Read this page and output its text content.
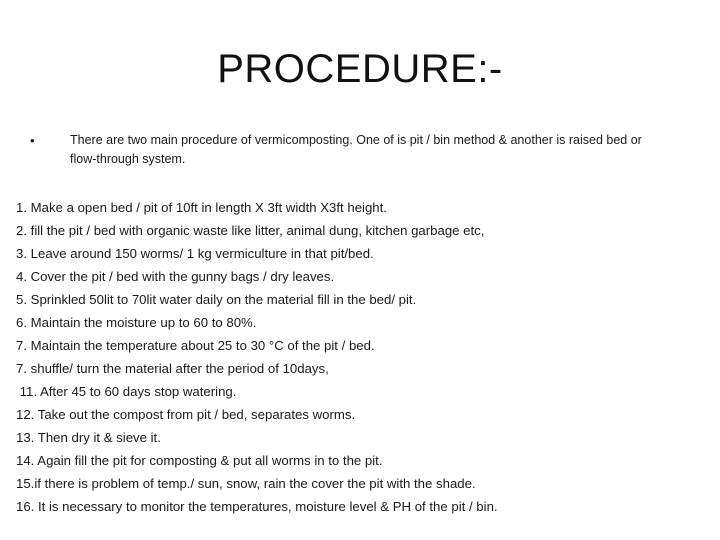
PROCEDURE:-
•	There are two main procedure of vermicomposting. One of is pit / bin method & another is raised bed or flow-through system.
1. Make a open bed / pit of 10ft in length X 3ft width X3ft height.
2. fill the pit / bed with organic waste like litter, animal dung, kitchen garbage etc,
3. Leave around 150 worms/ 1 kg vermiculture in that pit/bed.
4. Cover the pit / bed with the gunny bags / dry leaves.
5. Sprinkled 50lit to 70lit water daily on the material fill in the bed/ pit.
6. Maintain the moisture up to 60 to 80%.
7. Maintain the temperature about 25 to 30 °C of the pit / bed.
7. shuffle/ turn the material after the period of 10days,
11. After 45 to 60 days stop watering.
12. Take out the compost from pit / bed, separates worms.
13. Then dry it & sieve it.
14. Again fill the pit for composting & put all worms in to the pit.
15.if there is problem of temp./ sun, snow, rain the cover the pit with the shade.
16. It is necessary to monitor the temperatures, moisture level & PH of the pit / bin.
